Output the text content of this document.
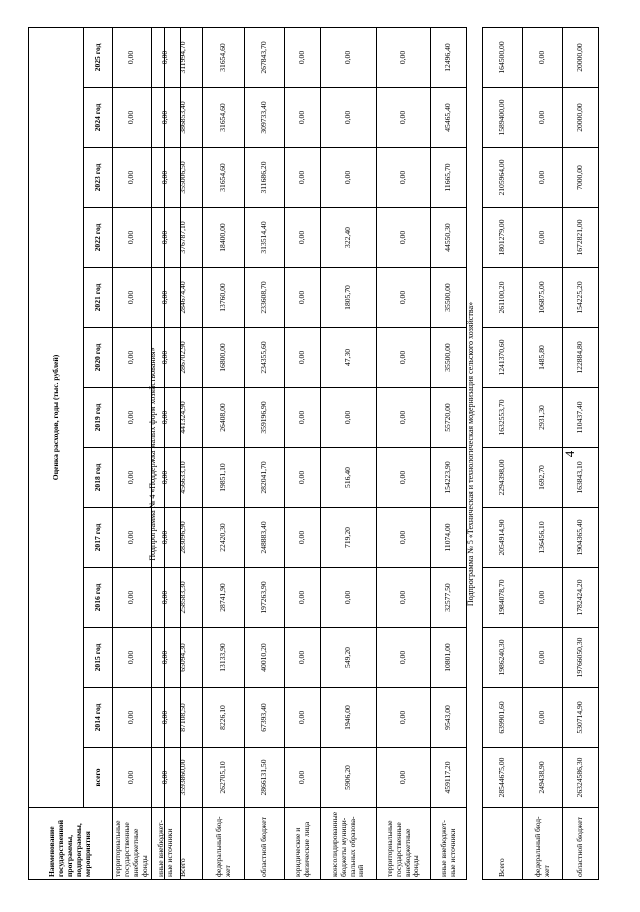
Наименование государственной программы, подпрограммы, мероприятия	Оценка расходов, годы (тыс. рублей)												
	всего	2014 год	2015 год	2016 год	2017 год	2018 год	2019 год	2020 год	2021 год	2022 год	2023 год	2024 год	2025 год
территориальные государственные внебюджетные фонды	0,00	0,00	0,00	0,00	0,00	0,00	0,00	0,00	0,00	0,00	0,00	0,00	0,00
иные внебюджет-ные источники	0,00	0,00	0,00	0,00	0,00	0,00	0,00	0,00	0,00	0,00	0,00	0,00	0,00
Подпрограмма № 4 «Поддержка малых форм хозяйствования»
Всего	3593860,00	87108,50	65094,30	258583,30	283096,90	456633,10	441324,90	286702,90	284674,40	376787,10	355006,50	386853,40	311994,70
федеральный бюд-жет	262705,10	8226,10	13133,90	28741,90	22420,30	19851,10	26408,00	16800,00	13760,00	18400,00	31654,60	31654,60	31654,60
областной бюджет	2866131,50	67393,40	40010,20	197263,90	248883,40	282041,70	359196,90	234355,60	233608,70	313514,40	311686,20	309733,40	267843,70
юридические и физические лица	0,00	0,00	0,00	0,00	0,00	0,00	0,00	0,00	0,00	0,00	0,00	0,00	0,00
консолидированные бюджеты муници-пальных образова-ний	5906,20	1946,00	549,20	0,00	719,20	516,40	0,00	47,30	1805,70	322,40	0,00	0,00	0,00
территориальные государственные внебюджетные фонды	0,00	0,00	0,00	0,00	0,00	0,00	0,00	0,00	0,00	0,00	0,00	0,00	0,00
иные внебюджет-ные источники	459117,20	9543,00	10801,00	32577,50	11074,00	154223,90	55720,00	35500,00	35500,00	44550,30	11665,70	45465,40	12496,40
Подпрограмма № 5 «Техническая и технологическая модернизация сельского хозяйства»
Всего	28544675,00	639901,60	1986240,30	1984078,70	2054914,90	2294398,00	1632553,70	1241370,60	261100,20	1801279,00	2105964,00	1589400,00	164500,00
федеральный бюд-жет	249438,90	0,00	0,00	0,00	136456,10	1692,70	2931,30	1485,80	106875,00	0,00	0,00	0,00	0,00
областной бюджет	26324586,30	530714,90	19766050,30	1782424,20	1904365,40	163843,10	110437,40	122884,80	154225,20	1672821,00	7000,00	20000,00	20000,00
4
